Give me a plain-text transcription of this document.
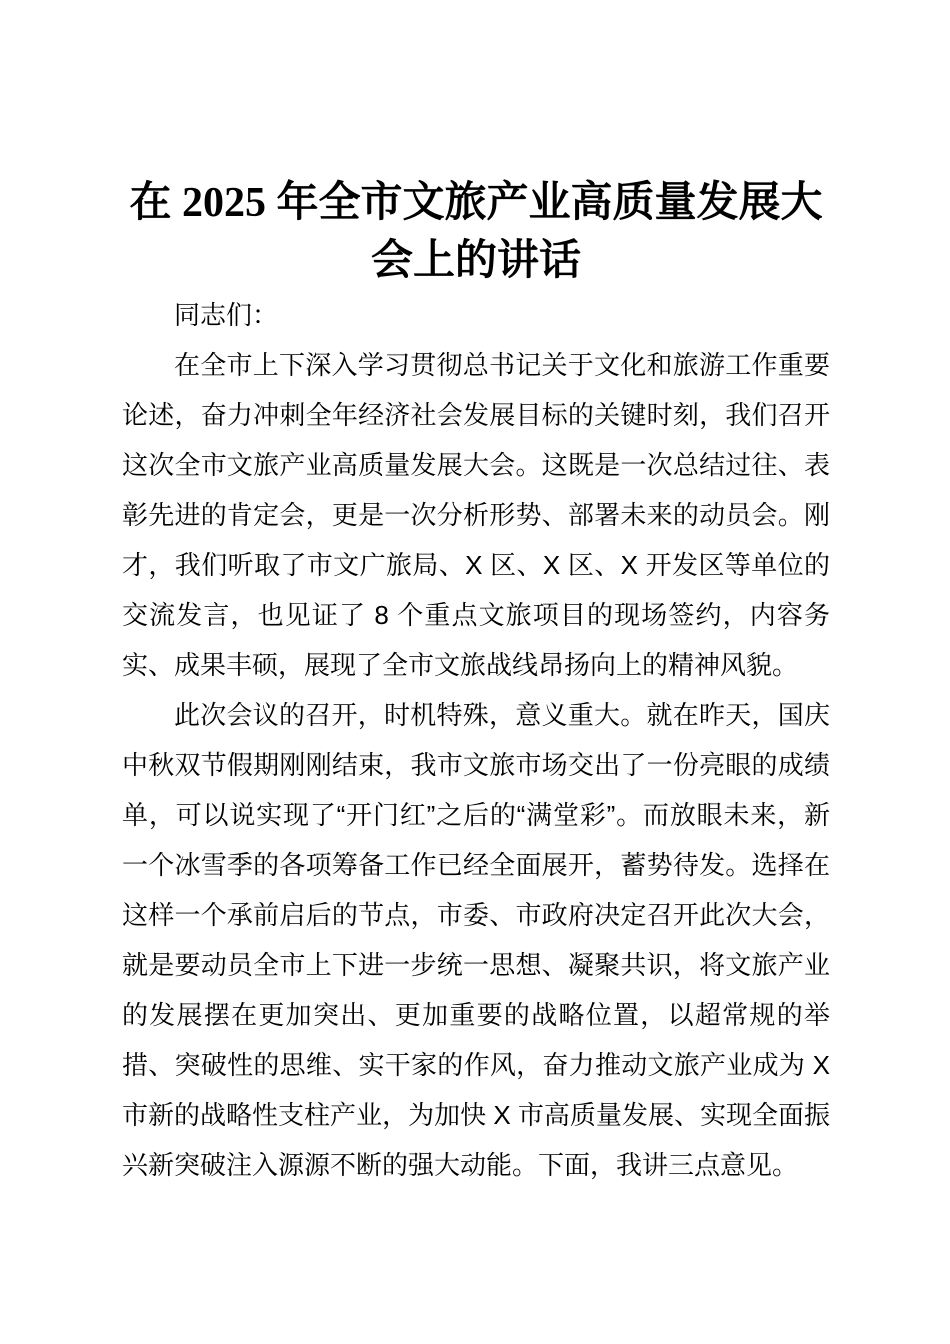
在 2025 年全市文旅产业高质量发展大会上的讲话

同志们：

在全市上下深入学习贯彻总书记关于文化和旅游工作重要论述，奋力冲刺全年经济社会发展目标的关键时刻，我们召开这次全市文旅产业高质量发展大会。这既是一次总结过往、表彰先进的肯定会，更是一次分析形势、部署未来的动员会。刚才，我们听取了市文广旅局、X 区、X 区、X 开发区等单位的交流发言，也见证了 8 个重点文旅项目的现场签约，内容务实、成果丰硕，展现了全市文旅战线昂扬向上的精神风貌。

此次会议的召开，时机特殊，意义重大。就在昨天，国庆中秋双节假期刚刚结束，我市文旅市场交出了一份亮眼的成绩单，可以说实现了“开门红”之后的“满堂彩”。而放眼未来，新一个冰雪季的各项筹备工作已经全面展开，蓄势待发。选择在这样一个承前启后的节点，市委、市政府决定召开此次大会，就是要动员全市上下进一步统一思想、凝聚共识，将文旅产业的发展摆在更加突出、更加重要的战略位置，以超常规的举措、突破性的思维、实干家的作风，奋力推动文旅产业成为 X 市新的战略性支柱产业，为加快 X 市高质量发展、实现全面振兴新突破注入源源不断的强大动能。下面，我讲三点意见。
